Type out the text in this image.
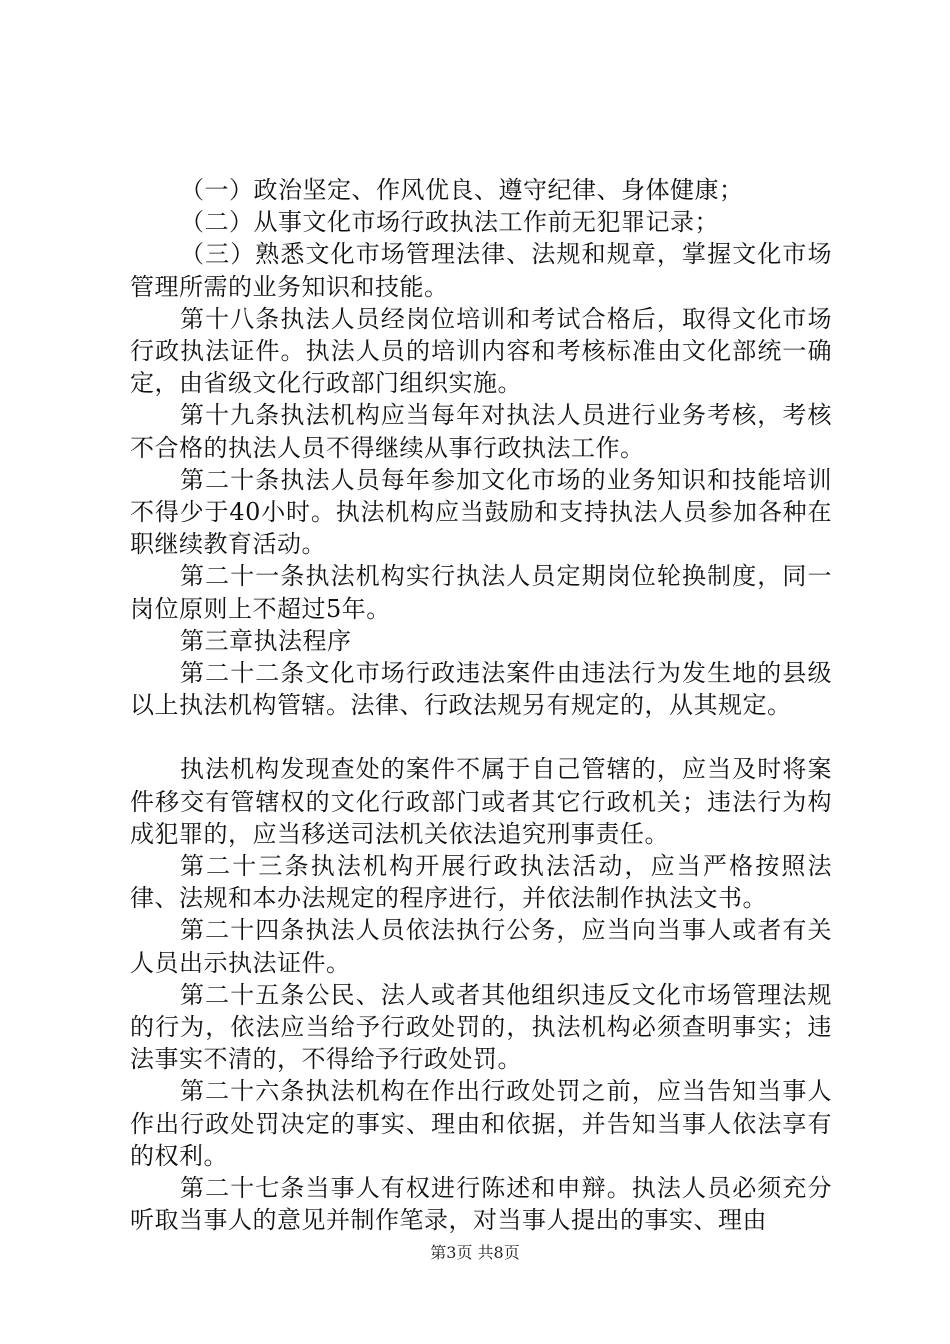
（一）政治坚定、作风优良、遵守纪律、身体健康；

（二）从事文化市场行政执法工作前无犯罪记录；

（三）熟悉文化市场管理法律、法规和规章，掌握文化市场管理所需的业务知识和技能。

第十八条执法人员经岗位培训和考试合格后，取得文化市场行政执法证件。执法人员的培训内容和考核标准由文化部统一确定，由省级文化行政部门组织实施。

第十九条执法机构应当每年对执法人员进行业务考核，考核不合格的执法人员不得继续从事行政执法工作。

第二十条执法人员每年参加文化市场的业务知识和技能培训不得少于40小时。执法机构应当鼓励和支持执法人员参加各种在职继续教育活动。

第二十一条执法机构实行执法人员定期岗位轮换制度，同一岗位原则上不超过5年。

第三章执法程序

第二十二条文化市场行政违法案件由违法行为发生地的县级以上执法机构管辖。法律、行政法规另有规定的，从其规定。

执法机构发现查处的案件不属于自己管辖的，应当及时将案件移交有管辖权的文化行政部门或者其它行政机关；违法行为构成犯罪的，应当移送司法机关依法追究刑事责任。

第二十三条执法机构开展行政执法活动，应当严格按照法律、法规和本办法规定的程序进行，并依法制作执法文书。

第二十四条执法人员依法执行公务，应当向当事人或者有关人员出示执法证件。

第二十五条公民、法人或者其他组织违反文化市场管理法规的行为，依法应当给予行政处罚的，执法机构必须查明事实；违法事实不清的，不得给予行政处罚。

第二十六条执法机构在作出行政处罚之前，应当告知当事人作出行政处罚决定的事实、理由和依据，并告知当事人依法享有的权利。

第二十七条当事人有权进行陈述和申辩。执法人员必须充分听取当事人的意见并制作笔录，对当事人提出的事实、理由

第3页 共8页
